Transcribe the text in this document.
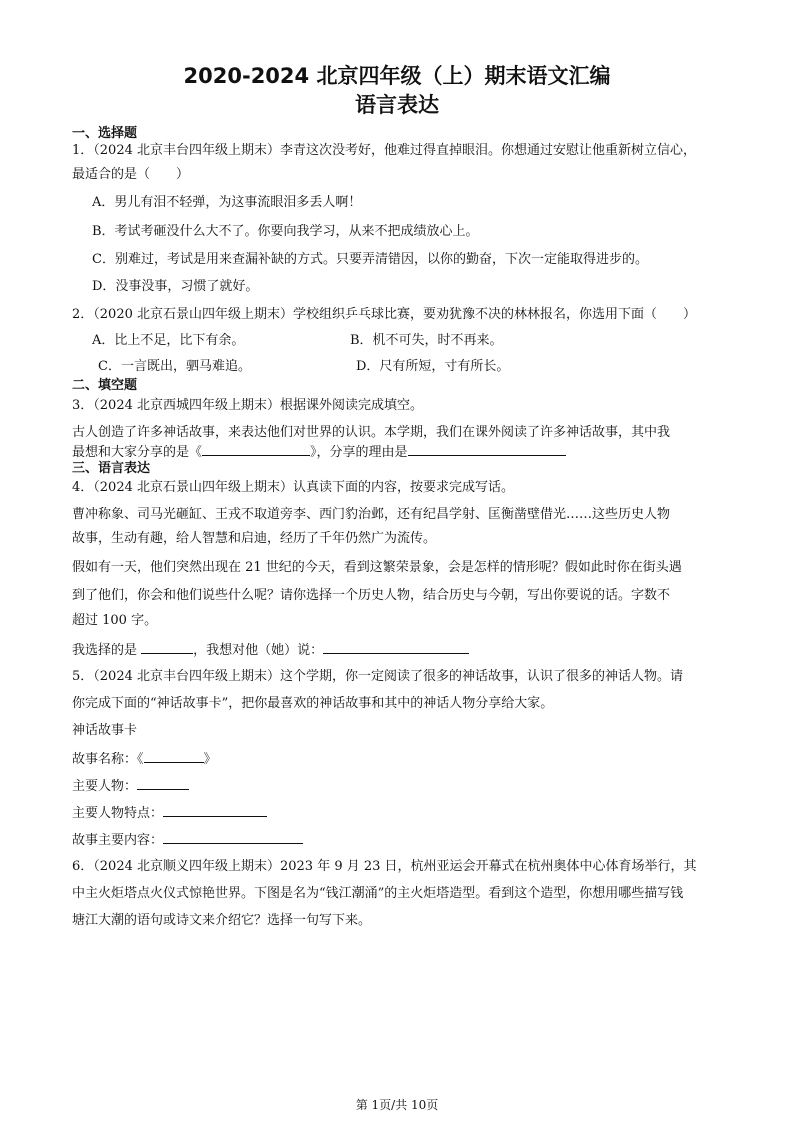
2020-2024 北京四年级（上）期末语文汇编
语言表达
一、选择题
1．（2024 北京丰台四年级上期末）李青这次没考好，他难过得直掉眼泪。你想通过安慰让他重新树立信心，
最适合的是（　　）
A．男儿有泪不轻弹，为这事流眼泪多丢人啊！
B．考试考砸没什么大不了。你要向我学习，从来不把成绩放心上。
C．别难过，考试是用来查漏补缺的方式。只要弄清错因，以你的勤奋，下次一定能取得进步的。
D．没事没事，习惯了就好。
2．（2020 北京石景山四年级上期末）学校组织乒乓球比赛，要劝犹豫不决的林林报名，你选用下面（　　）
A．比上不足，比下有余。	B．机不可失，时不再来。
C．一言既出，驷马难追。	D．尺有所短，寸有所长。
二、填空题
3．（2024 北京西城四年级上期末）根据课外阅读完成填空。
古人创造了许多神话故事，来表达他们对世界的认识。本学期，我们在课外阅读了许多神话故事，其中我
最想和大家分享的是《	》，分享的理由是
三、语言表达
4．（2024 北京石景山四年级上期末）认真读下面的内容，按要求完成写话。
曹冲称象、司马光砸缸、王戎不取道旁李、西门豹治邺，还有纪昌学射、匡衡凿壁借光……这些历史人物
故事，生动有趣，给人智慧和启迪，经历了千年仍然广为流传。
假如有一天，他们突然出现在 21 世纪的今天，看到这繁荣景象，会是怎样的情形呢？假如此时你在街头遇
到了他们，你会和他们说些什么呢？请你选择一个历史人物，结合历史与今朝，写出你要说的话。字数不
超过 100 字。
我选择的是	，我想对他（她）说：
5．（2024 北京丰台四年级上期末）这个学期，你一定阅读了很多的神话故事，认识了很多的神话人物。请
你完成下面的“神话故事卡”，把你最喜欢的神话故事和其中的神话人物分享给大家。
神话故事卡
故事名称：《	》
主要人物：
主要人物特点：
故事主要内容：
6．（2024 北京顺义四年级上期末）2023 年 9 月 23 日，杭州亚运会开幕式在杭州奥体中心体育场举行，其
中主火炬塔点火仪式惊艳世界。下图是名为“钱江潮涌”的主火炬塔造型。看到这个造型，你想用哪些描写钱
塘江大潮的语句或诗文来介绍它？选择一句写下来。
第 1页/共 10页
